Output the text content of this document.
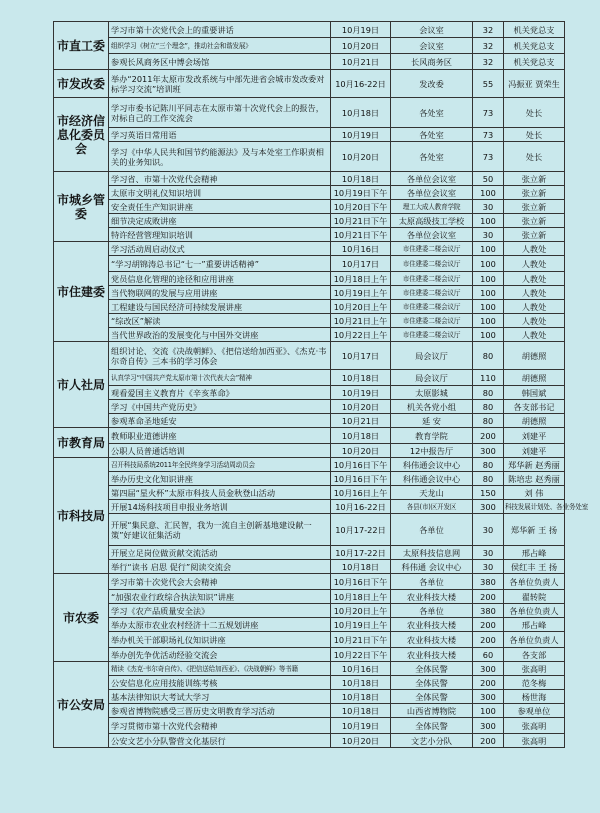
市直工委	学习市第十次党代会上的重要讲话	10月19日	会议室	32	机关党总支
	组织学习《树立“三个理念”，推动社会和谐发展》	10月20日	会议室	32	机关党总支
	参观长风商务区中博会场馆	10月21日	长风商务区	32	机关党总支
市发改委	举办“2011年太原市发改系统与中部先进省会城市发改委对标学习交流”培训班	10月16-22日	发改委	55	冯振亚 贾荣生
市经济信息化委员会	学习市委书记陈川平同志在太原市第十次党代会上的报告，对标自己的工作交流会	10月18日	各处室	73	处长
	学习英语日常用语	10月19日	各处室	73	处长
	学习《中华人民共和国节约能源法》及与本处室工作职责相关的业务知识。	10月20日	各处室	73	处长
市城乡管委	学习省、市第十次党代会精神	10月18日	各单位会议室	50	张立新
	太原市文明礼仪知识培训	10月19日下午	各单位会议室	100	张立新
	安全责任生产知识讲座	10月20日下午	理工大成人教育学院	30	张立新
	细节决定成败讲座	10月21日下午	太原高级技工学校	100	张立新
	特许经营管理知识培训	10月21日下午	各单位会议室	30	张立新
市住建委	学习活动周启动仪式	10月16日	市住建委二楼会议厅	100	人教处
	“学习胡锦涛总书记“七一”重要讲话精神”	10月17日	市住建委二楼会议厅	100	人教处
	党员信息化管理的途径和应用讲座	10月18日上午	市住建委二楼会议厅	100	人教处
	当代物联网的发展与应用讲座	10月19日上午	市住建委二楼会议厅	100	人教处
	工程建设与国民经济可持续发展讲座	10月20日上午	市住建委二楼会议厅	100	人教处
	“综改区”解读	10月21日上午	市住建委二楼会议厅	100	人教处
	当代世界政治的发展变化与中国外交讲座	10月22日上午	市住建委二楼会议厅	100	人教处
市人社局	组织讨论、交流《决战朝鲜》、《把信送给加西亚》、《杰克·韦尔奇自传》三本书的学习体会	10月17日	局会议厅	80	胡德照
	认真学习“中国共产党太原市第十次代表大会”精神	10月18日	局会议厅	110	胡德照
	观看爱国主义教育片《辛亥革命》	10月19日	太原影城	80	韩国斌
	学习《中国共产党历史》	10月20日	机关各党小组	80	各支部书记
	参观革命圣地延安	10月21日	延 安	80	胡德照
市教育局	教师职业道德讲座	10月18日	教育学院	200	刘建平
	公职人员普通话培训	10月20日	12中报告厅	300	刘建平
市科技局	召开科技局系统2011年全民终身学习活动周动员会	10月16日下午	科伟通会议中心	80	郑华新 赵秀丽
	举办历史文化知识讲座	10月16日下午	科伟通会议中心	80	陈培忠 赵秀丽
	第四届“星火杯”太原市科技人员金秋登山活动	10月16日上午	天龙山	150	刘 伟
	开展14场科技项目申报业务培训	10月16-22日	各县(市)区开发区	300	科技发展计划处、各业务处室
	开展“集民意、汇民智，我为一流自主创新基地建设献一策”好建议征集活动	10月17-22日	各单位	30	郑华新 王 扬
	开展立足岗位做贡献交流活动	10月17-22日	太原科技信息网	30	邢占峰
	举行“读书 启思 促行”阅读交流会	10月18日	科伟通 会议中心	30	侯红丰 王 扬
市农委	学习市第十次党代会大会精神	10月16日下午	各单位	380	各单位负责人
	“加强农业行政综合执法知识”讲座	10月18日上午	农业科技大楼	200	翟转院
	学习《农产品质量安全法》	10月20日上午	各单位	380	各单位负责人
	举办太原市农业农村经济十二五规划讲座	10月19日上午	农业科技大楼	200	邢占峰
	举办机关干部职场礼仪知识讲座	10月21日下午	农业科技大楼	200	各单位负责人
	举办创先争优活动经验交流会	10月22日下午	农业科技大楼	60	各支部
市公安局	精读《杰克·韦尔奇自传》、《把信送给加西亚》、《决战朝鲜》等书籍	10月16日	全体民警	300	张高明
	公安信息化应用技能训练考核	10月18日	全体民警	200	范冬梅
	基本法律知识大考试大学习	10月18日	全体民警	300	杨世海
	参观省博物院感受三晋历史文明教育学习活动	10月18日	山西省博物院	100	参观单位
	学习贯彻市第十次党代会精神	10月19日	全体民警	300	张高明
	公安文艺小分队警营文化基层行	10月20日	文艺小分队	200	张高明
